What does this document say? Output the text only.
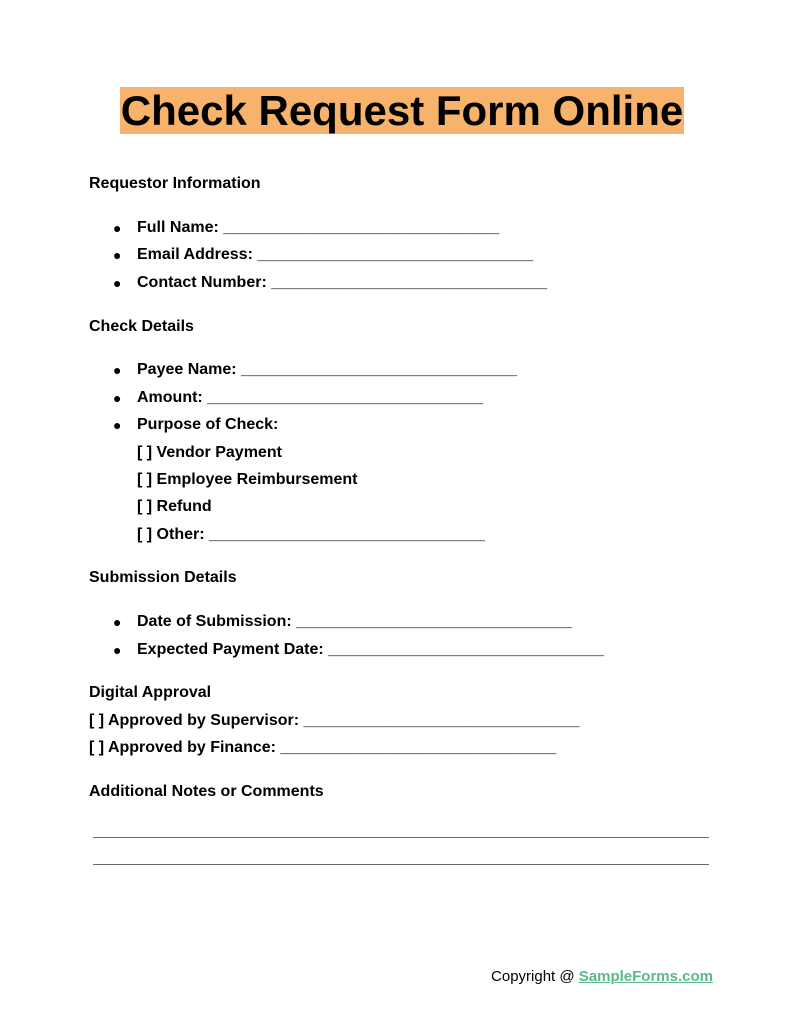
Check Request Form Online
Requestor Information
● Full Name: _______________________________
● Email Address: _______________________________
● Contact Number: _______________________________
Check Details
● Payee Name: _______________________________
● Amount: _______________________________
● Purpose of Check:
[ ] Vendor Payment
[ ] Employee Reimbursement
[ ] Refund
[ ] Other: _______________________________
Submission Details
● Date of Submission: _______________________________
● Expected Payment Date: _______________________________
Digital Approval
[ ] Approved by Supervisor: _______________________________
[ ] Approved by Finance: _______________________________
Additional Notes or Comments
Copyright @ SampleForms.com
